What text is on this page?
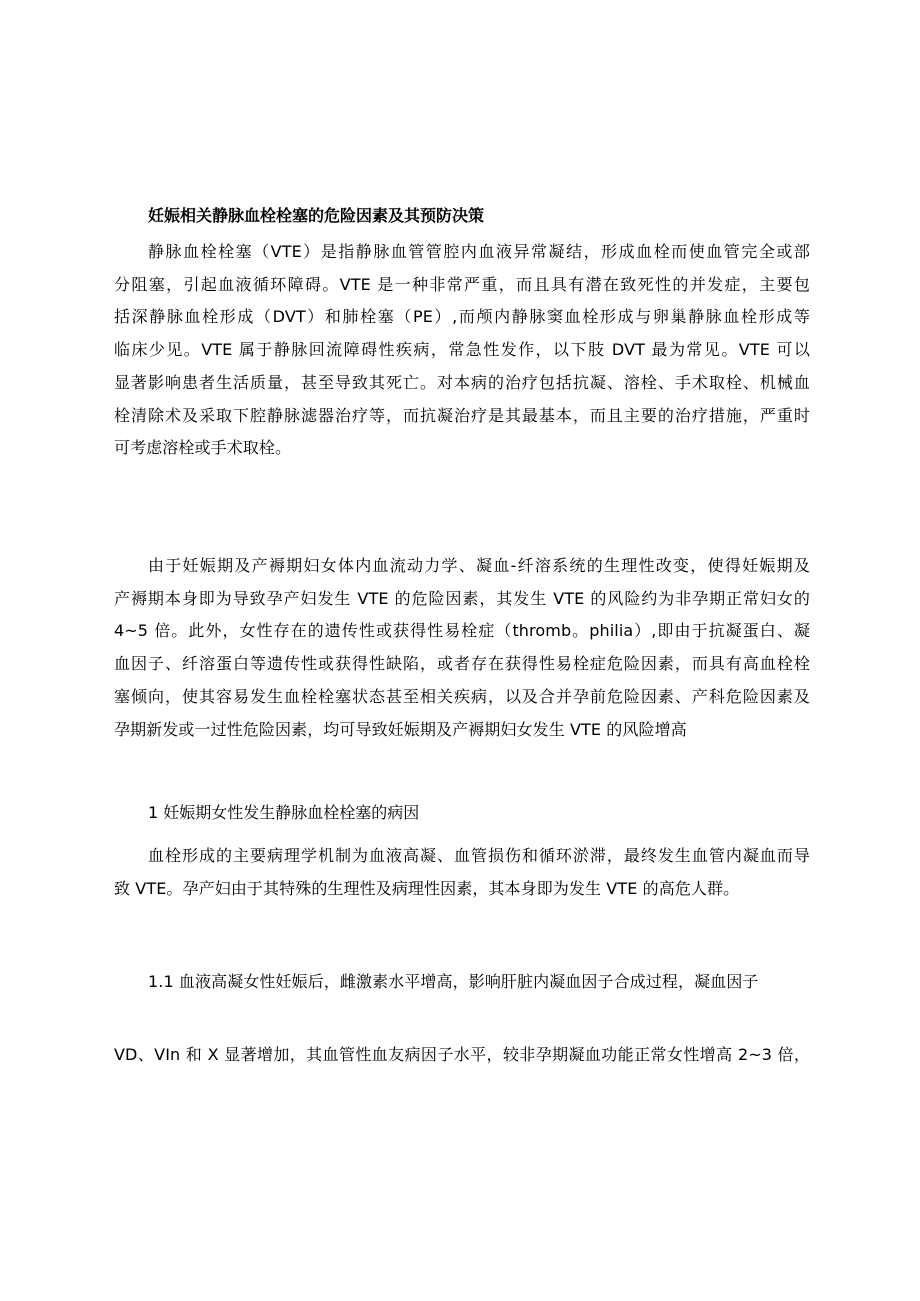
妊娠相关静脉血栓栓塞的危险因素及其预防决策
静脉血栓栓塞（VTE）是指静脉血管管腔内血液异常凝结，形成血栓而使血管完全或部
分阻塞，引起血液循环障碍。VTE 是一种非常严重，而且具有潜在致死性的并发症，主要包
括深静脉血栓形成（DVT）和肺栓塞（PE）,而颅内静脉窦血栓形成与卵巢静脉血栓形成等
临床少见。VTE 属于静脉回流障碍性疾病，常急性发作，以下肢 DVT 最为常见。VTE 可以
显著影响患者生活质量，甚至导致其死亡。对本病的治疗包括抗凝、溶栓、手术取栓、机械血
栓清除术及采取下腔静脉滤器治疗等，而抗凝治疗是其最基本，而且主要的治疗措施，严重时
可考虑溶栓或手术取栓。
由于妊娠期及产褥期妇女体内血流动力学、凝血-纤溶系统的生理性改变，使得妊娠期及
产褥期本身即为导致孕产妇发生 VTE 的危险因素，其发生 VTE 的风险约为非孕期正常妇女的
4~5 倍。此外，女性存在的遗传性或获得性易栓症（thromb。philia）,即由于抗凝蛋白、凝
血因子、纤溶蛋白等遗传性或获得性缺陷，或者存在获得性易栓症危险因素，而具有高血栓栓
塞倾向，使其容易发生血栓栓塞状态甚至相关疾病，以及合并孕前危险因素、产科危险因素及
孕期新发或一过性危险因素，均可导致妊娠期及产褥期妇女发生 VTE 的风险增高
1 妊娠期女性发生静脉血栓栓塞的病因
血栓形成的主要病理学机制为血液高凝、血管损伤和循环淤滞，最终发生血管内凝血而导
致 VTE。孕产妇由于其特殊的生理性及病理性因素，其本身即为发生 VTE 的高危人群。
1.1 血液高凝女性妊娠后，雌激素水平增高，影响肝脏内凝血因子合成过程，凝血因子
VD、VIn 和 X 显著增加，其血管性血友病因子水平，较非孕期凝血功能正常女性增高 2~3 倍，
